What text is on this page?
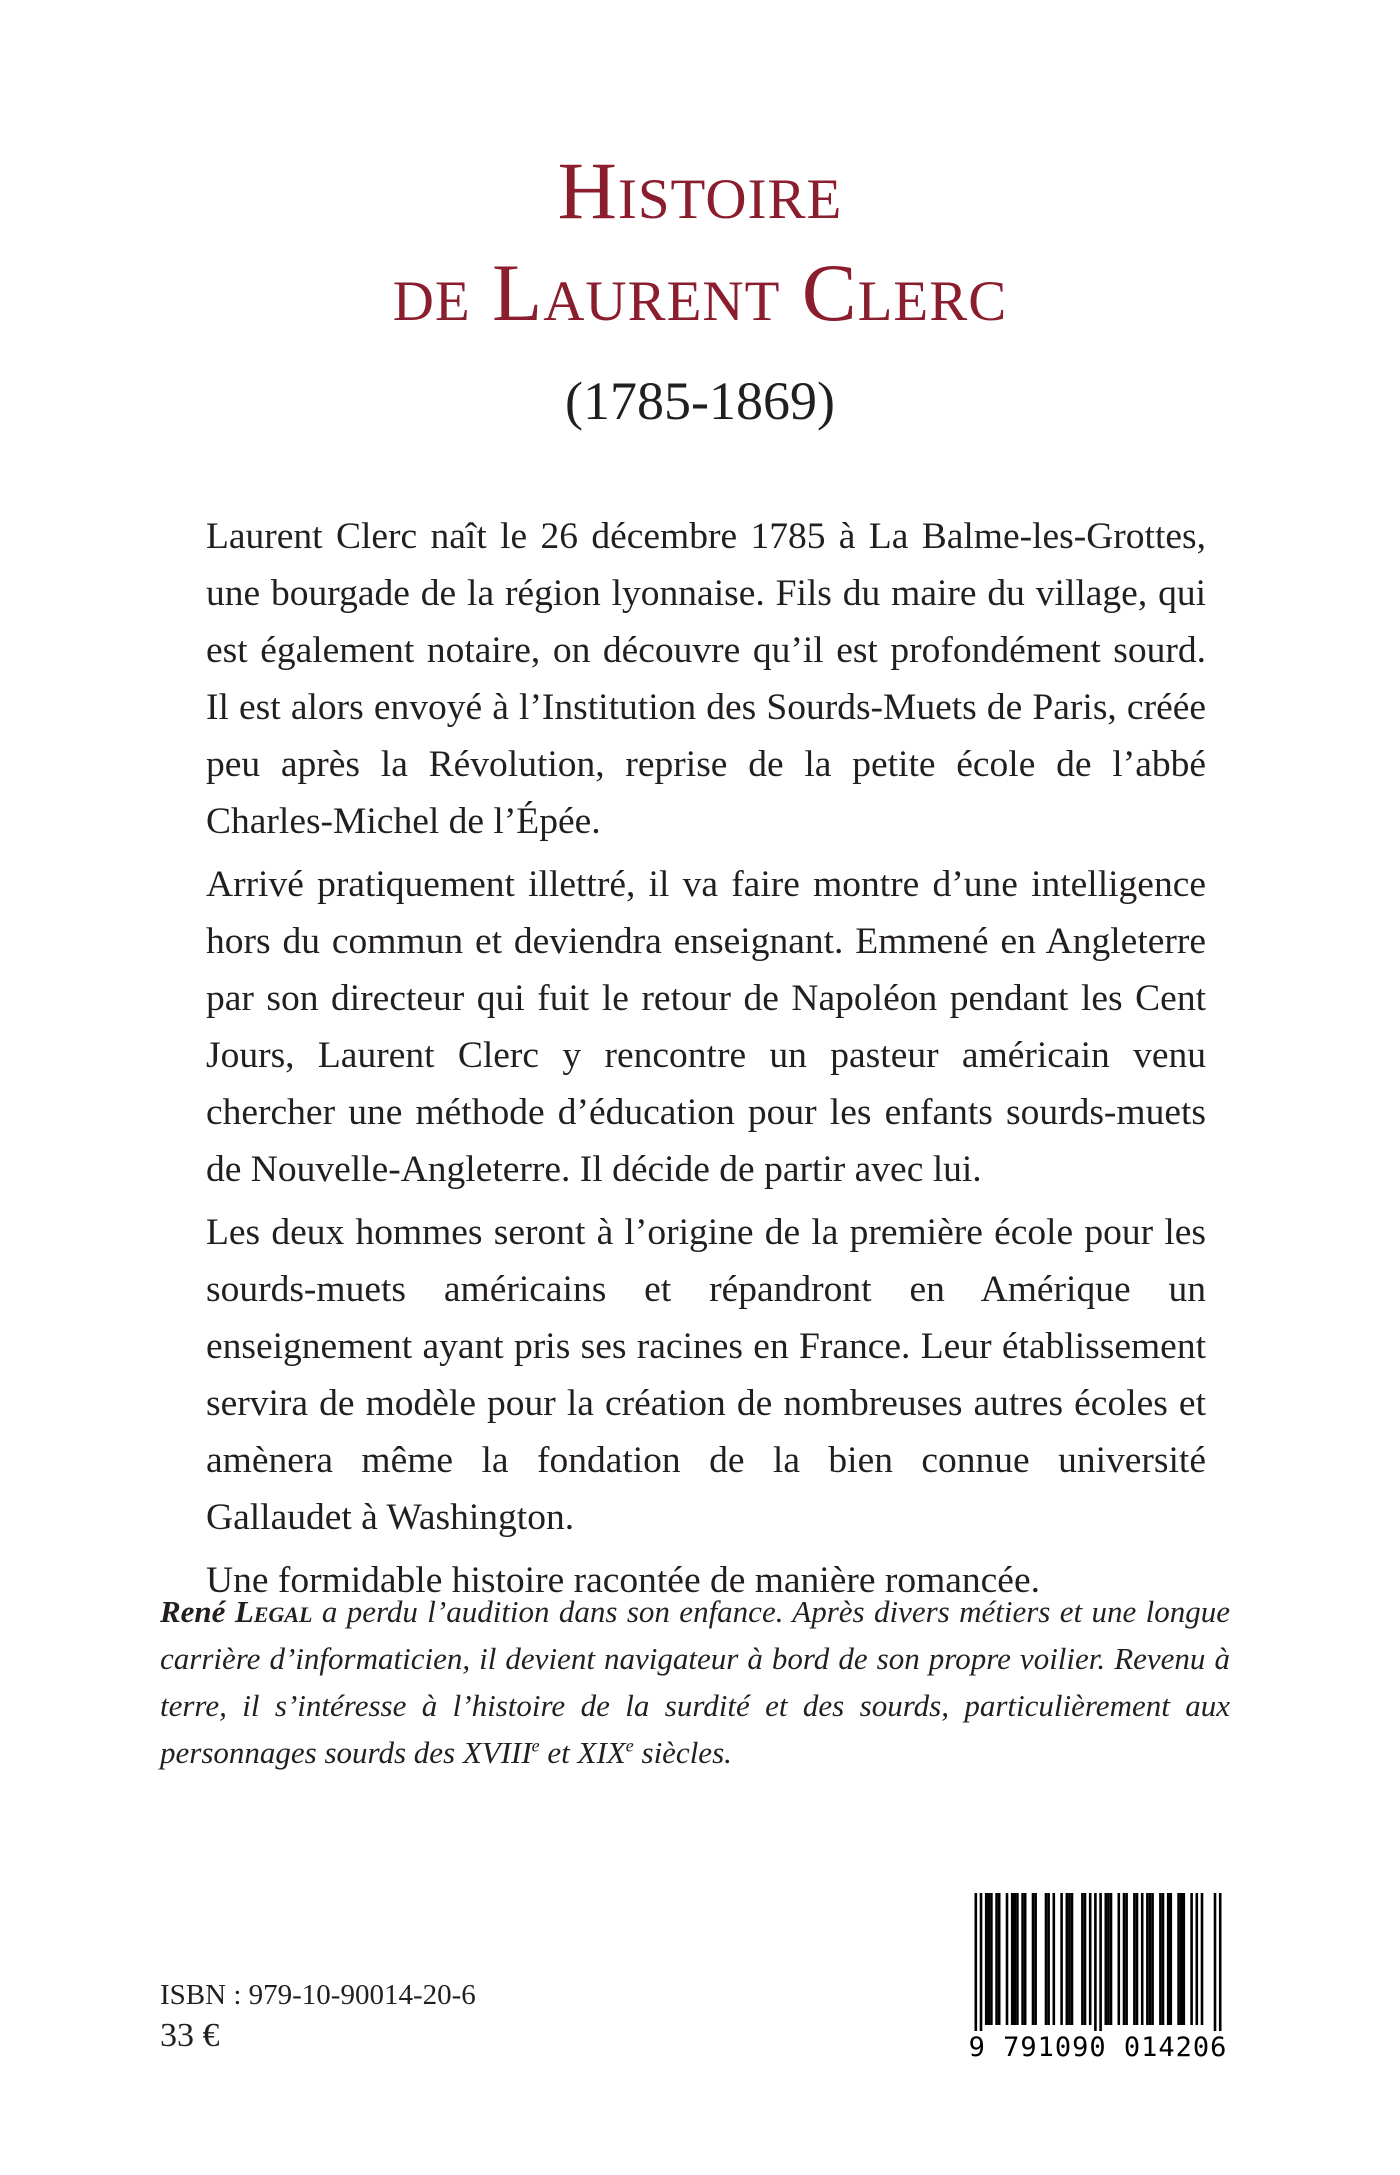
Histoire
de Laurent Clerc
(1785-1869)

Laurent Clerc naît le 26 décembre 1785 à La Balme-les-Grottes, une bourgade de la région lyonnaise. Fils du maire du village, qui est également notaire, on découvre qu’il est profondément sourd. Il est alors envoyé à l’Institution des Sourds-Muets de Paris, créée peu après la Révolution, reprise de la petite école de l’abbé Charles-Michel de l’Épée.

Arrivé pratiquement illettré, il va faire montre d’une intelligence hors du commun et deviendra enseignant. Emmené en Angleterre par son directeur qui fuit le retour de Napoléon pendant les Cent Jours, Laurent Clerc y rencontre un pasteur américain venu chercher une méthode d’éducation pour les enfants sourds-muets de Nouvelle-Angleterre. Il décide de partir avec lui.

Les deux hommes seront à l’origine de la première école pour les sourds-muets américains et répandront en Amérique un enseignement ayant pris ses racines en France. Leur établissement servira de modèle pour la création de nombreuses autres écoles et amènera même la fondation de la bien connue université Gallaudet à Washington.

Une formidable histoire racontée de manière romancée.

René Legal a perdu l’audition dans son enfance. Après divers métiers et une longue carrière d’informaticien, il devient navigateur à bord de son propre voilier. Revenu à terre, il s’intéresse à l’histoire de la surdité et des sourds, particulièrement aux personnages sourds des XVIIIe et XIXe siècles.
ISBN : 979-10-90014-20-6
33 €	9 791090 014206
